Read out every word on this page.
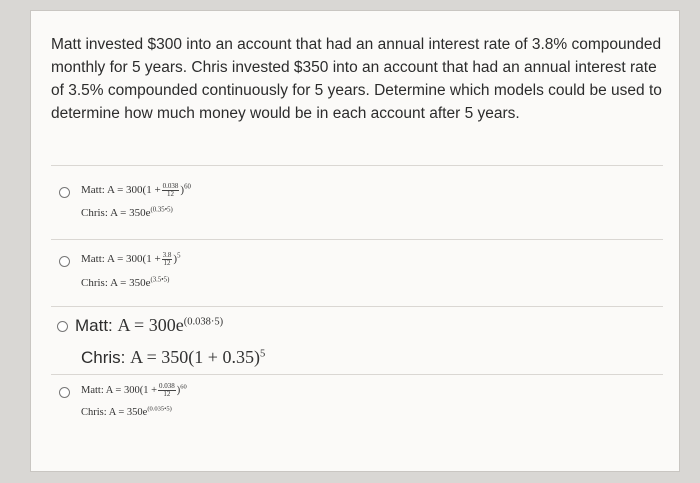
Matt invested $300 into an account that had an annual interest rate of 3.8% compounded monthly for 5 years. Chris invested $350 into an account that had an annual interest rate of 3.5% compounded continuously for 5 years. Determine which models could be used to determine how much money would be in each account after 5 years.
Matt: $A = 300(1 + \frac{0.038}{12} )^{60}$
Chris: $A = 350e^{(0.35•5)}$
Matt: $A = 300(1 + \frac{3.8}{12} )^5$
Chris: $A = 350e^{(3.5•5)}$
Matt: $A = 300e^{(0.038\cdot 5)}$
Chris: $A = 350(1 + 0.35)^5$
Matt: $A = 300(1 + \frac{0.038}{12} )^{60}$
Chris: $A = 350e^{(0.035•5)}$
